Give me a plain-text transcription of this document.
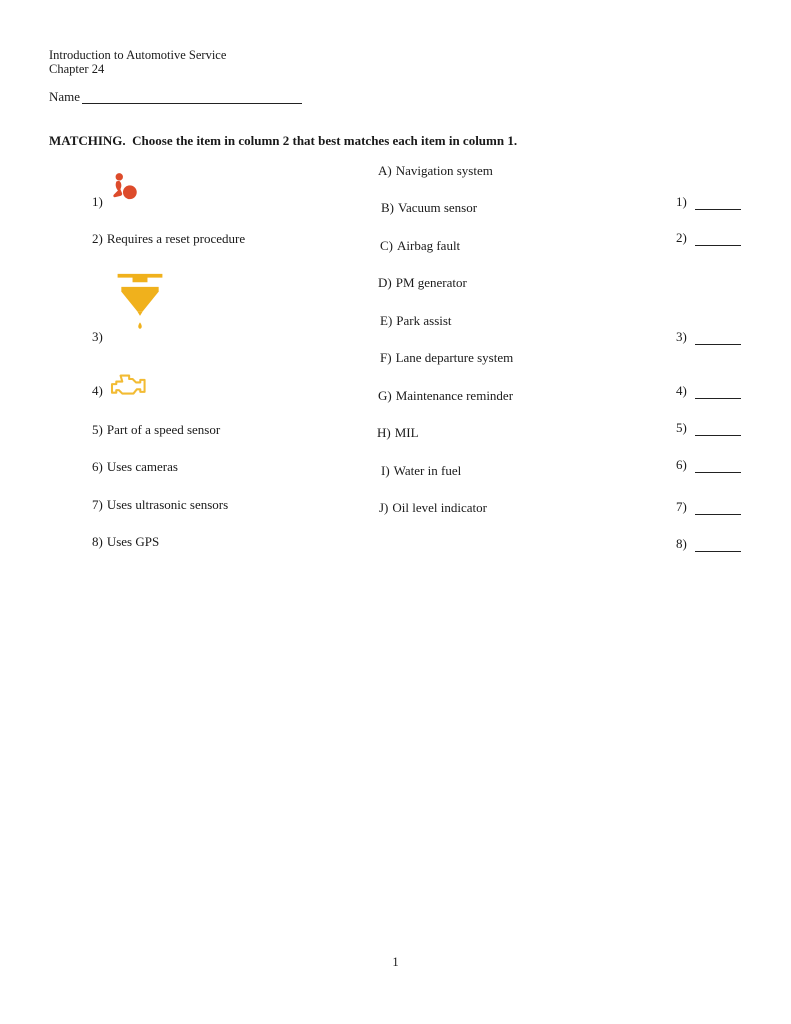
Introduction to Automotive Service
Chapter 24
Name
MATCHING.  Choose the item in column 2 that best matches each item in column 1.
1)
2) Requires a reset procedure
3)
4)
5) Part of a speed sensor
6) Uses cameras
7) Uses ultrasonic sensors
8) Uses GPS
A) Navigation system
B) Vacuum sensor
C) Airbag fault
D) PM generator
E) Park assist
F) Lane departure system
G) Maintenance reminder
H) MIL
I) Water in fuel
J) Oil level indicator
1)
2)
3)
4)
5)
6)
7)
8)
1
